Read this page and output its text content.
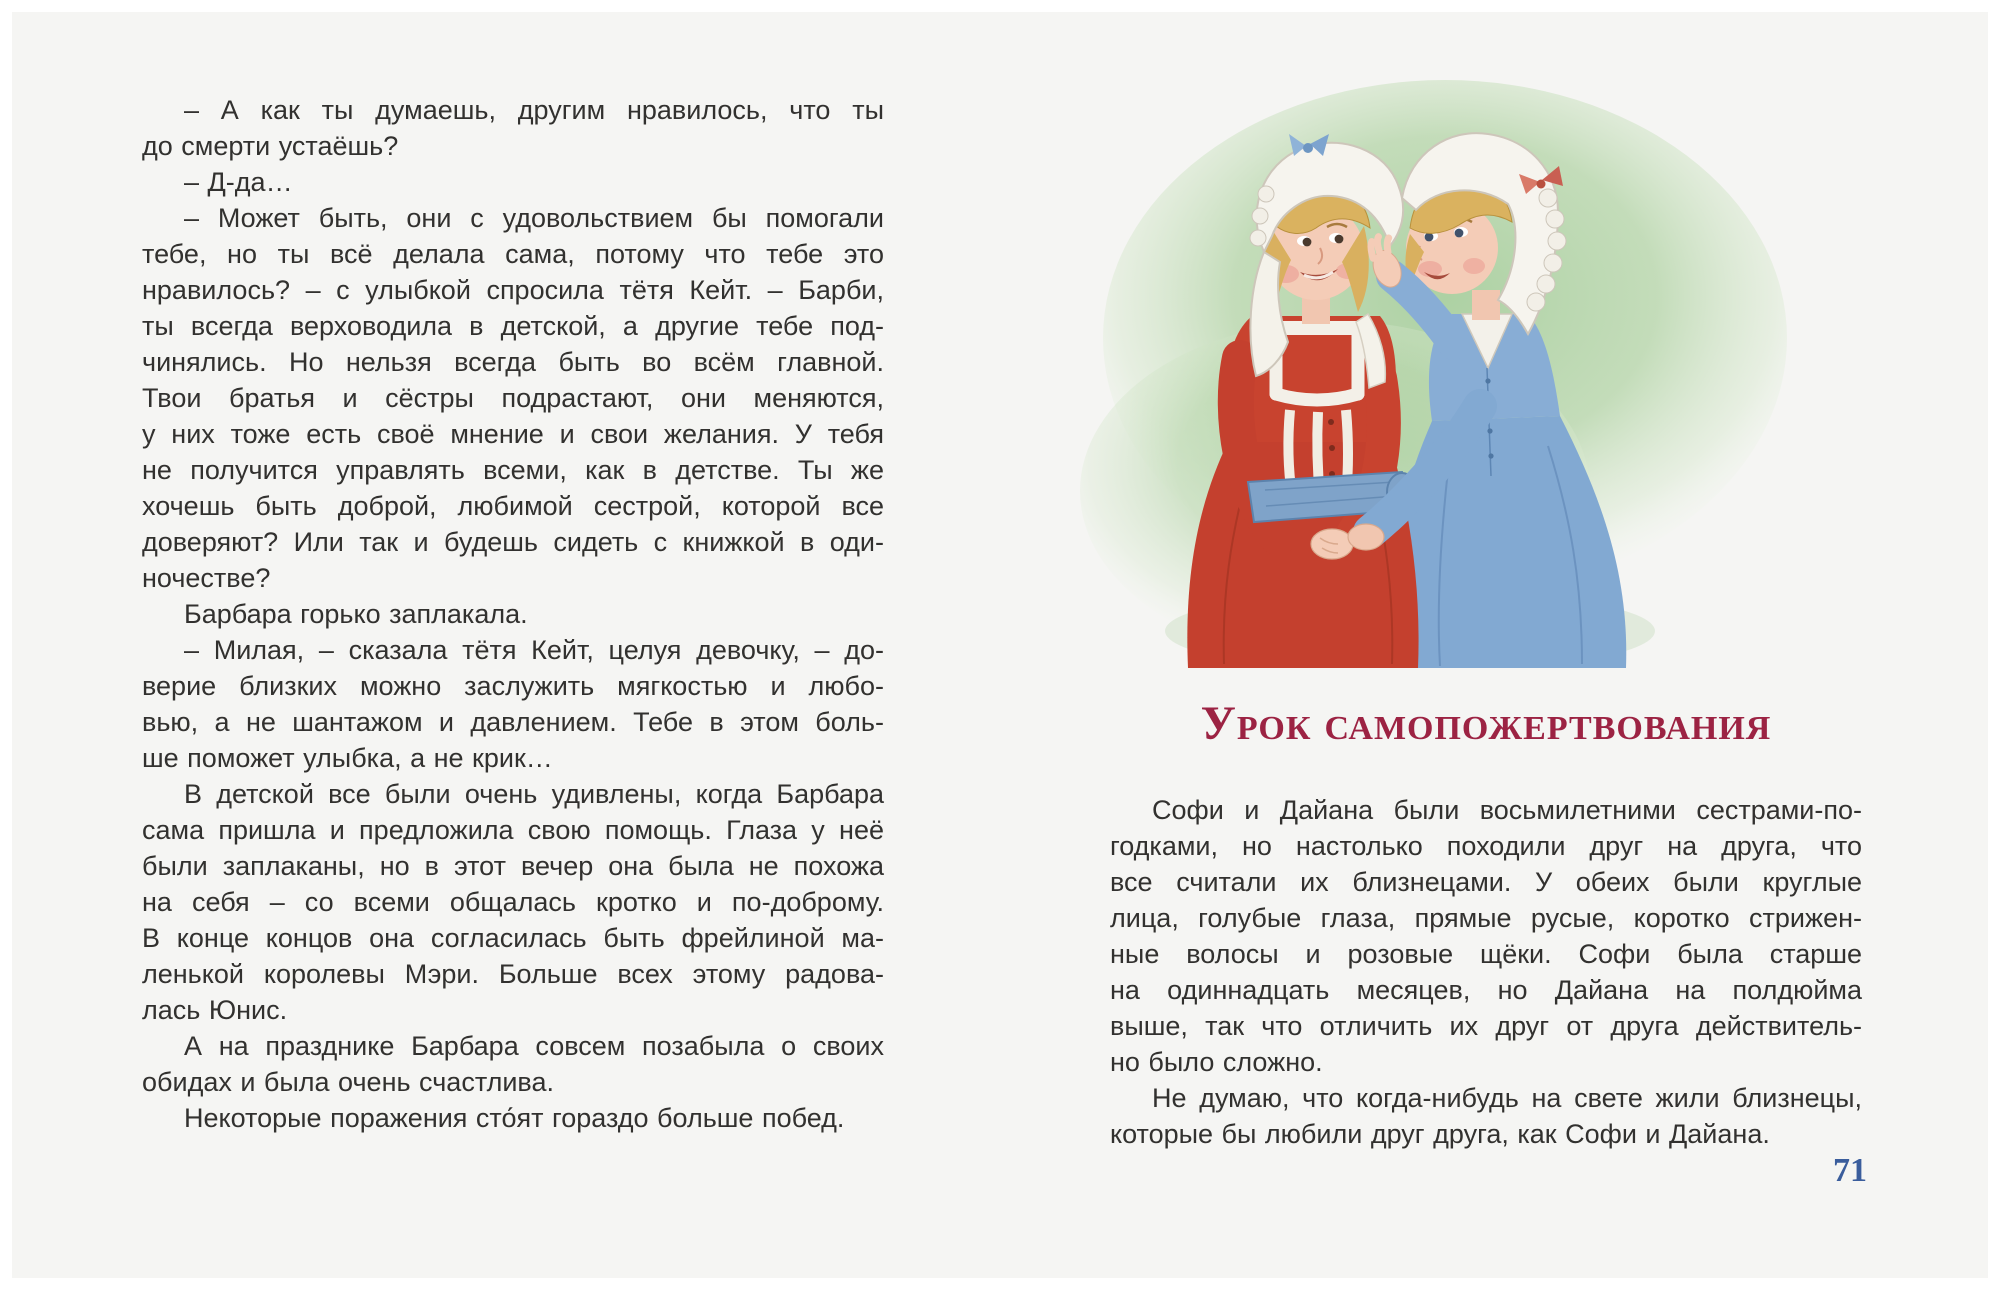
– А как ты думаешь, другим нравилось, что ты
до смерти устаёшь?
– Д-да…
– Может быть, они с удовольствием бы помогали
тебе, но ты всё делала сама, потому что тебе это
нравилось? – с улыбкой спросила тётя Кейт. – Барби,
ты всегда верховодила в детской, а другие тебе под-
чинялись. Но нельзя всегда быть во всём главной.
Твои братья и сёстры подрастают, они меняются,
у них тоже есть своё мнение и свои желания. У тебя
не получится управлять всеми, как в детстве. Ты же
хочешь быть доброй, любимой сестрой, которой все
доверяют? Или так и будешь сидеть с книжкой в оди-
ночестве?
Барбара горько заплакала.
– Милая, – сказала тётя Кейт, целуя девочку, – до-
верие близких можно заслужить мягкостью и любо-
вью, а не шантажом и давлением. Тебе в этом боль-
ше поможет улыбка, а не крик…
В детской все были очень удивлены, когда Барбара
сама пришла и предложила свою помощь. Глаза у неё
были заплаканы, но в этот вечер она была не похожа
на себя – со всеми общалась кротко и по-доброму.
В конце концов она согласилась быть фрейлиной ма-
ленькой королевы Мэри. Больше всех этому радова-
лась Юнис.
А на празднике Барбара совсем позабыла о своих
обидах и была очень счастлива.
Некоторые поражения сто́ят гораздо больше побед.
Урок самопожертвования
Софи и Дайана были восьмилетними сестрами-по-
годками, но настолько походили друг на друга, что
все считали их близнецами. У обеих были круглые
лица, голубые глаза, прямые русые, коротко стрижен-
ные волосы и розовые щёки. Софи была старше
на одиннадцать месяцев, но Дайана на полдюйма
выше, так что отличить их друг от друга действитель-
но было сложно.
Не думаю, что когда-нибудь на свете жили близнецы,
которые бы любили друг друга, как Софи и Дайана.
71
